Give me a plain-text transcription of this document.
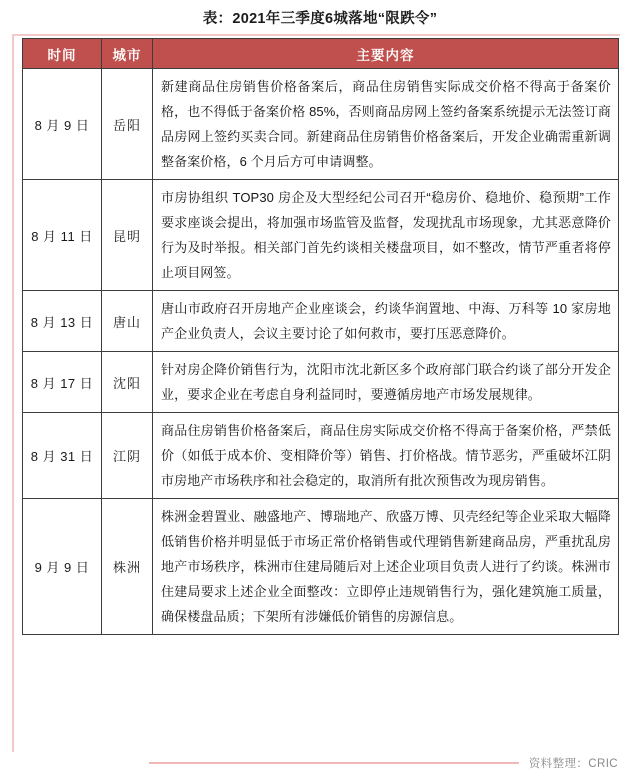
表：2021年三季度6城落地“限跌令”
时间	城市	主要内容
8 月 9 日	岳阳	新建商品住房销售价格备案后，商品住房销售实际成交价格不得高于备案价格，也不得低于备案价格 85%，否则商品房网上签约备案系统提示无法签订商品房网上签约买卖合同。新建商品住房销售价格备案后，开发企业确需重新调整备案价格，6 个月后方可申请调整。
8 月 11 日	昆明	市房协组织 TOP30 房企及大型经纪公司召开“稳房价、稳地价、稳预期”工作要求座谈会提出，将加强市场监管及监督，发现扰乱市场现象，尤其恶意降价行为及时举报。相关部门首先约谈相关楼盘项目，如不整改，情节严重者将停止项目网签。
8 月 13 日	唐山	唐山市政府召开房地产企业座谈会，约谈华润置地、中海、万科等 10 家房地产企业负责人，会议主要讨论了如何救市，要打压恶意降价。
8 月 17 日	沈阳	针对房企降价销售行为，沈阳市沈北新区多个政府部门联合约谈了部分开发企业，要求企业在考虑自身利益同时，要遵循房地产市场发展规律。
8 月 31 日	江阴	商品住房销售价格备案后，商品住房实际成交价格不得高于备案价格，严禁低价（如低于成本价、变相降价等）销售、打价格战。情节恶劣，严重破坏江阴市房地产市场秩序和社会稳定的，取消所有批次预售改为现房销售。
9 月 9 日	株洲	株洲金碧置业、融盛地产、博瑞地产、欣盛万博、贝壳经纪等企业采取大幅降低销售价格并明显低于市场正常价格销售或代理销售新建商品房，严重扰乱房地产市场秩序，株洲市住建局随后对上述企业项目负责人进行了约谈。株洲市住建局要求上述企业全面整改：立即停止违规销售行为，强化建筑施工质量，确保楼盘品质；下架所有涉嫌低价销售的房源信息。
资料整理：CRIC
